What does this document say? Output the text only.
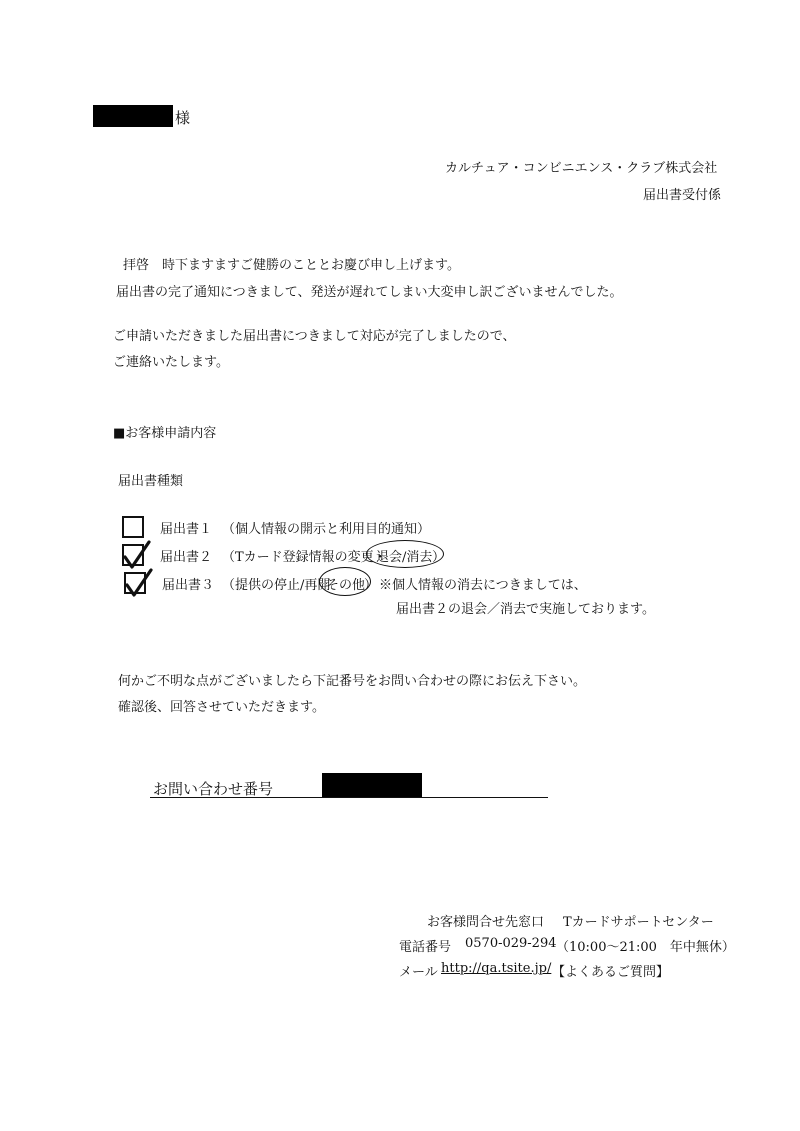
様
カルチュア・コンビニエンス・クラブ株式会社
届出書受付係
拝啓　時下ますますご健勝のこととお慶び申し上げます。
届出書の完了通知につきまして、発送が遅れてしまい大変申し訳ございませんでした。
ご申請いただきました届出書につきまして対応が完了しましたので、
ご連絡いたします。
■お客様申請内容
届出書種類
届出書１ （個人情報の開示と利用目的通知）
届出書２ （Tカード登録情報の変更・
退会/消去 ）
届出書３ （提供の停止/再開
その他
） ※個人情報の消去につきましては、
届出書２の退会／消去で実施しております。
何かご不明な点がございましたら下記番号をお問い合わせの際にお伝え下さい。
確認後、回答させていただきます。
お問い合わせ番号
お客様問合せ先窓口 Tカードサポートセンター
電話番号 0570-029-294 （10:00～21:00　年中無休）
メール http://qa.tsite.jp/ 【よくあるご質問】
